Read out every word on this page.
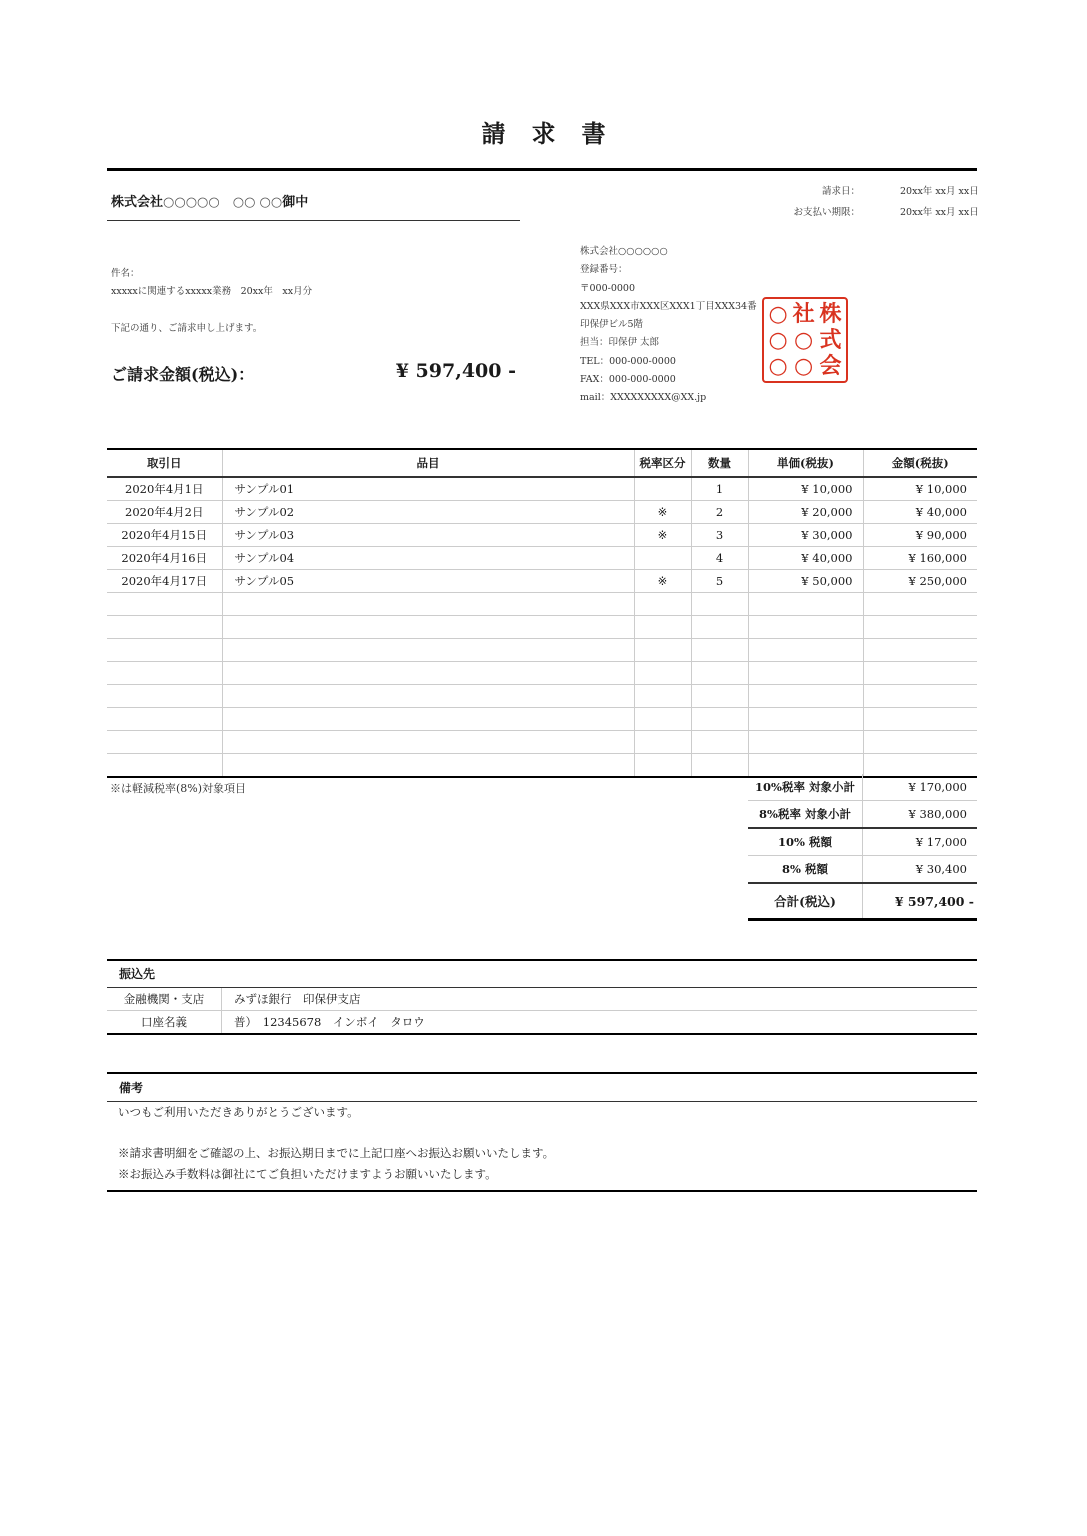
請求書
株式会社○○○○○　○○ ○○御中
請求日：	20xx年 xx月 xx日
お支払い期限：	20xx年 xx月 xx日
件名：
xxxxxに関連するxxxxx業務　20xx年　xx月分
下記の通り、ご請求申し上げます。
ご請求金額(税込)：	¥ 597,400 -
株式会社○○○○○○
登録番号：
〒000-0000
XXX県XXX市XXX区XXX1丁目XXX34番
印保伊ビル5階
担当：印保伊 太郎
TEL：000-000-0000
FAX：000-000-0000
mail：XXXXXXXXX@XX.jp
株
式
会
社
○
○
○
○
○
取引日	品目	税率区分	数量	単価(税抜)	金額(税抜)
2020年4月1日	サンプル01		1	¥ 10,000	¥ 10,000
2020年4月2日	サンプル02	※	2	¥ 20,000	¥ 40,000
2020年4月15日	サンプル03	※	3	¥ 30,000	¥ 90,000
2020年4月16日	サンプル04		4	¥ 40,000	¥ 160,000
2020年4月17日	サンプル05	※	5	¥ 50,000	¥ 250,000

※は軽減税率(8%)対象項目	10%税率 対象小計	¥ 170,000
8%税率 対象小計	¥ 380,000
10% 税額	¥ 17,000
8% 税額	¥ 30,400
合計(税込)	¥ 597,400 -
振込先
金融機関・支店	みずほ銀行　印保伊支店
口座名義	普）　12345678　インボイ　タロウ
備考
いつもご利用いただきありがとうございます。
※請求書明細をご確認の上、お振込期日までに上記口座へお振込お願いいたします。
※お振込み手数料は御社にてご負担いただけますようお願いいたします。
